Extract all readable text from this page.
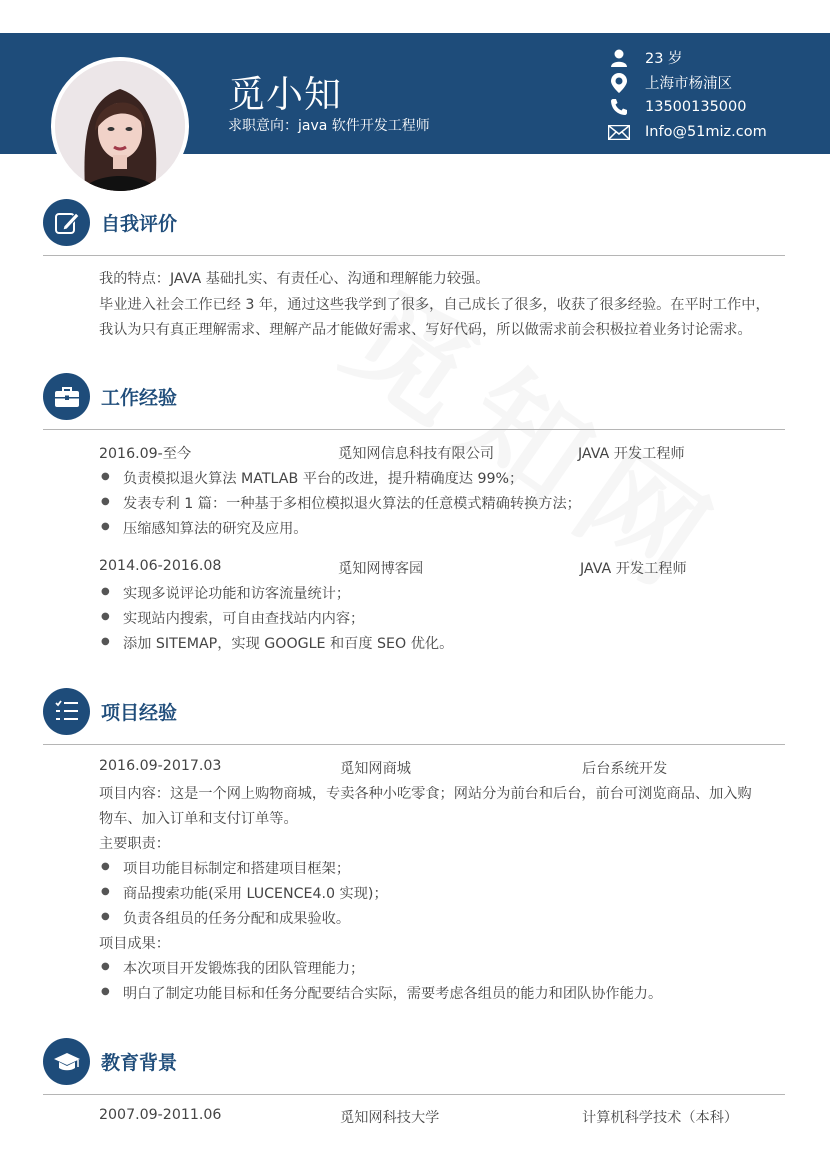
觅小知
求职意向：java 软件开发工程师
23 岁
上海市杨浦区
13500135000
Info@51miz.com
自我评价
我的特点：JAVA 基础扎实、有责任心、沟通和理解能力较强。
毕业进入社会工作已经 3 年，通过这些我学到了很多，自己成长了很多，收获了很多经验。在平时工作中，
我认为只有真正理解需求、理解产品才能做好需求、写好代码，所以做需求前会积极拉着业务讨论需求。
工作经验
2016.09-至今	觅知网信息科技有限公司	JAVA 开发工程师
● 负责模拟退火算法 MATLAB 平台的改进，提升精确度达 99%；
● 发表专利 1 篇：一种基于多相位模拟退火算法的任意模式精确转换方法；
● 压缩感知算法的研究及应用。
2014.06-2016.08	觅知网博客园	JAVA 开发工程师
● 实现多说评论功能和访客流量统计；
● 实现站内搜索，可自由查找站内内容；
● 添加 SITEMAP，实现 GOOGLE 和百度 SEO 优化。
项目经验
2016.09-2017.03	觅知网商城	后台系统开发
项目内容：这是一个网上购物商城，专卖各种小吃零食；网站分为前台和后台，前台可浏览商品、加入购
物车、加入订单和支付订单等。
主要职责：
● 项目功能目标制定和搭建项目框架；
● 商品搜索功能(采用 LUCENCE4.0 实现)；
● 负责各组员的任务分配和成果验收。
项目成果：
● 本次项目开发锻炼我的团队管理能力；
● 明白了制定功能目标和任务分配要结合实际，需要考虑各组员的能力和团队协作能力。
教育背景
2007.09-2011.06	觅知网科技大学	计算机科学技术（本科）
